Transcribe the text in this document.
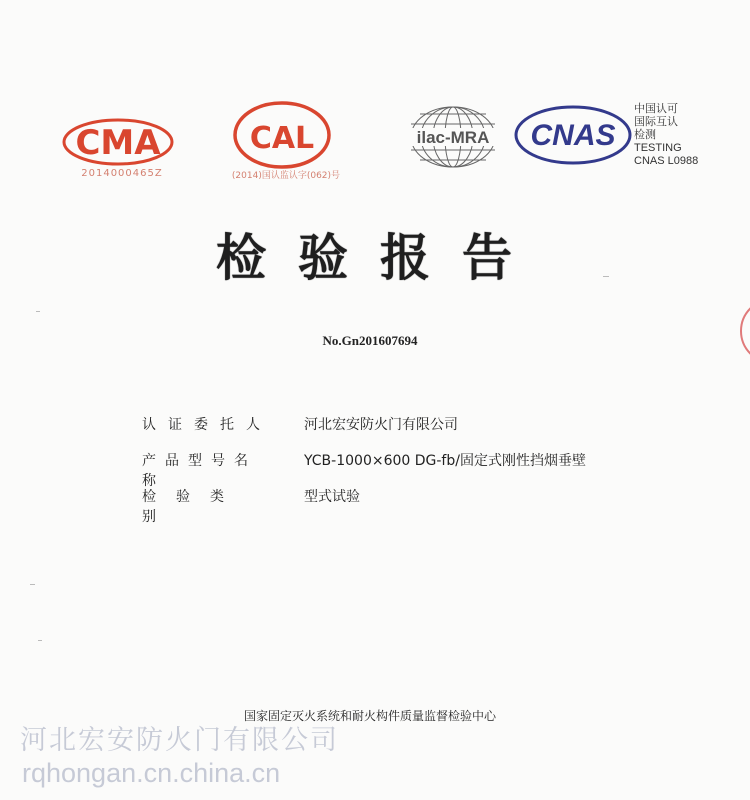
CMA
2014000465Z
CAL
(2014)国认监认字(062)号
ilac-MRA CNAS
中国认可
国际互认
检测
TESTING
CNAS L0988
检验报告
No.Gn201607694
认证委托人 河北宏安防火门有限公司
产品型号名称
YCB-1000×600 DG-fb/固定式刚性挡烟垂壁
检验类别
型式试验
国家固定灭火系统和耐火构件质量监督检验中心
河北宏安防火门有限公司
rqhongan.cn.china.cn
